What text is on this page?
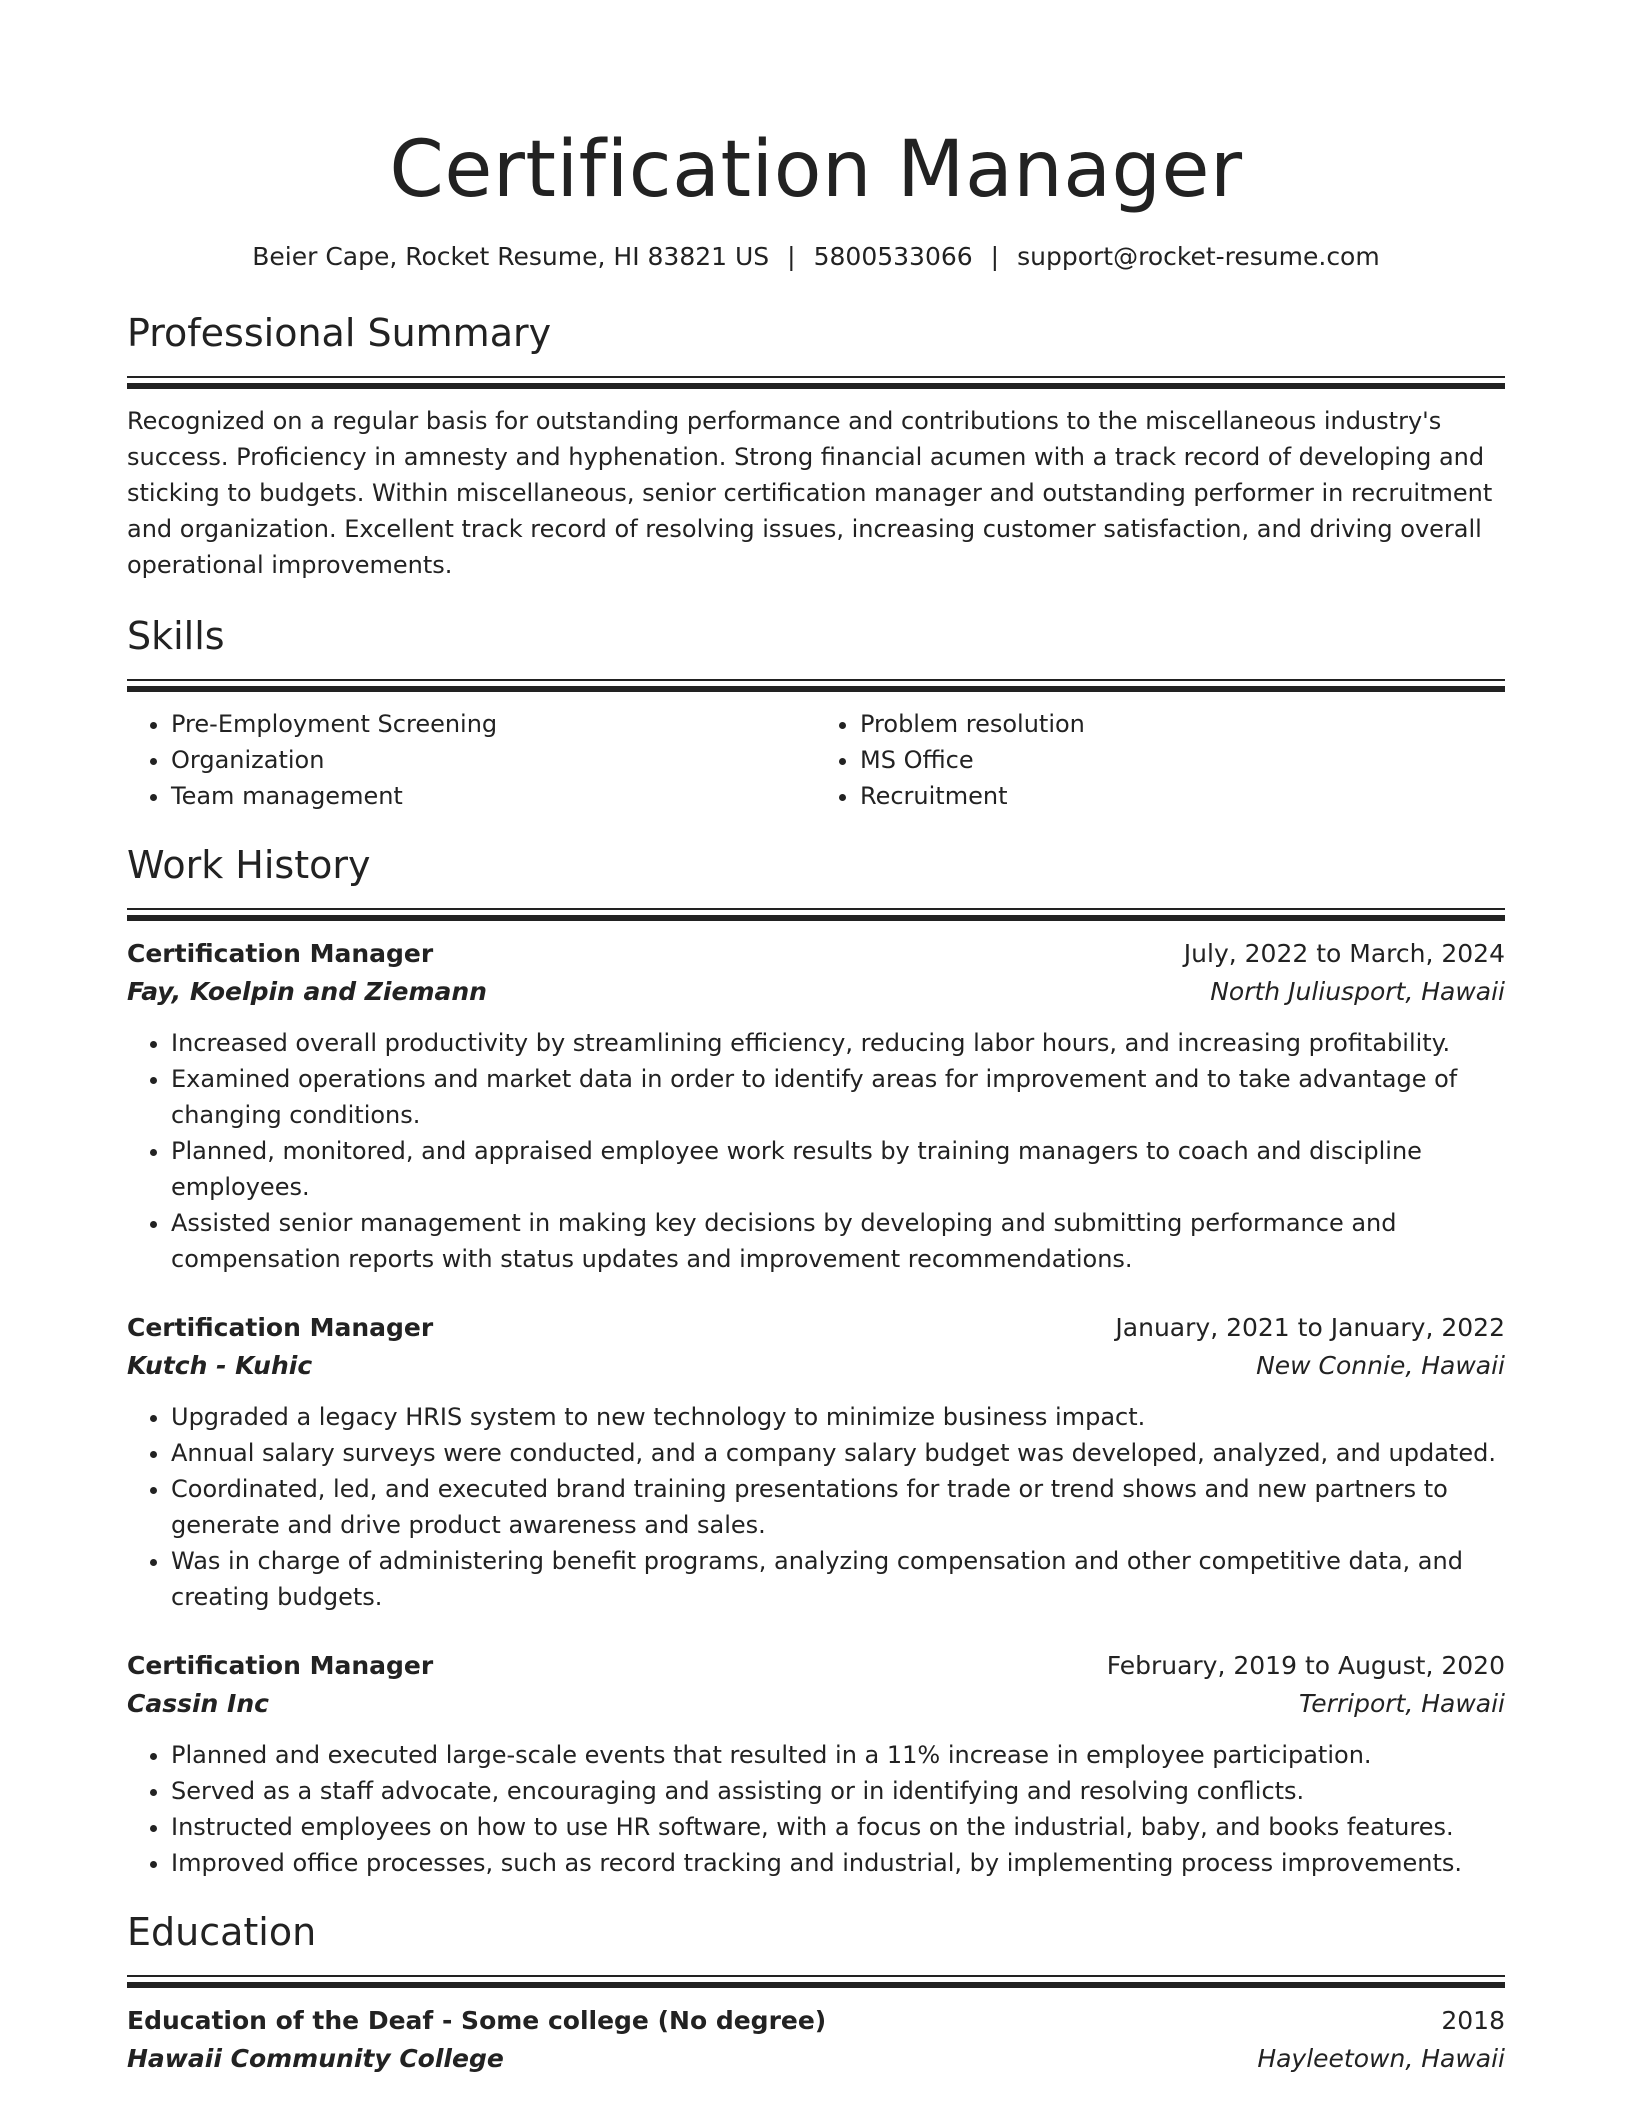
Certification Manager
Beier Cape, Rocket Resume, HI 83821 US | 5800533066 | support@rocket-resume.com
Professional Summary

Recognized on a regular basis for outstanding performance and contributions to the miscellaneous industry's success. Proficiency in amnesty and hyphenation. Strong financial acumen with a track record of developing and sticking to budgets. Within miscellaneous, senior certification manager and outstanding performer in recruitment and organization. Excellent track record of resolving issues, increasing customer satisfaction, and driving overall operational improvements.

Skills
• Pre-Employment Screening
• Organization
• Team management
• Problem resolution
• MS Office
• Recruitment
Work History
Certification Manager	July, 2022 to March, 2024
Fay, Koelpin and Ziemann	North Juliusport, Hawaii
• Increased overall productivity by streamlining efficiency, reducing labor hours, and increasing profitability.
• Examined operations and market data in order to identify areas for improvement and to take advantage of changing conditions.
• Planned, monitored, and appraised employee work results by training managers to coach and discipline employees.
• Assisted senior management in making key decisions by developing and submitting performance and compensation reports with status updates and improvement recommendations.
Certification Manager	January, 2021 to January, 2022
Kutch - Kuhic	New Connie, Hawaii
• Upgraded a legacy HRIS system to new technology to minimize business impact.
• Annual salary surveys were conducted, and a company salary budget was developed, analyzed, and updated.
• Coordinated, led, and executed brand training presentations for trade or trend shows and new partners to generate and drive product awareness and sales.
• Was in charge of administering benefit programs, analyzing compensation and other competitive data, and creating budgets.
Certification Manager	February, 2019 to August, 2020
Cassin Inc	Terriport, Hawaii
• Planned and executed large-scale events that resulted in a 11% increase in employee participation.
• Served as a staff advocate, encouraging and assisting or in identifying and resolving conflicts.
• Instructed employees on how to use HR software, with a focus on the industrial, baby, and books features.
• Improved office processes, such as record tracking and industrial, by implementing process improvements.
Education
Education of the Deaf - Some college (No degree)	2018
Hawaii Community College	Hayleetown, Hawaii
